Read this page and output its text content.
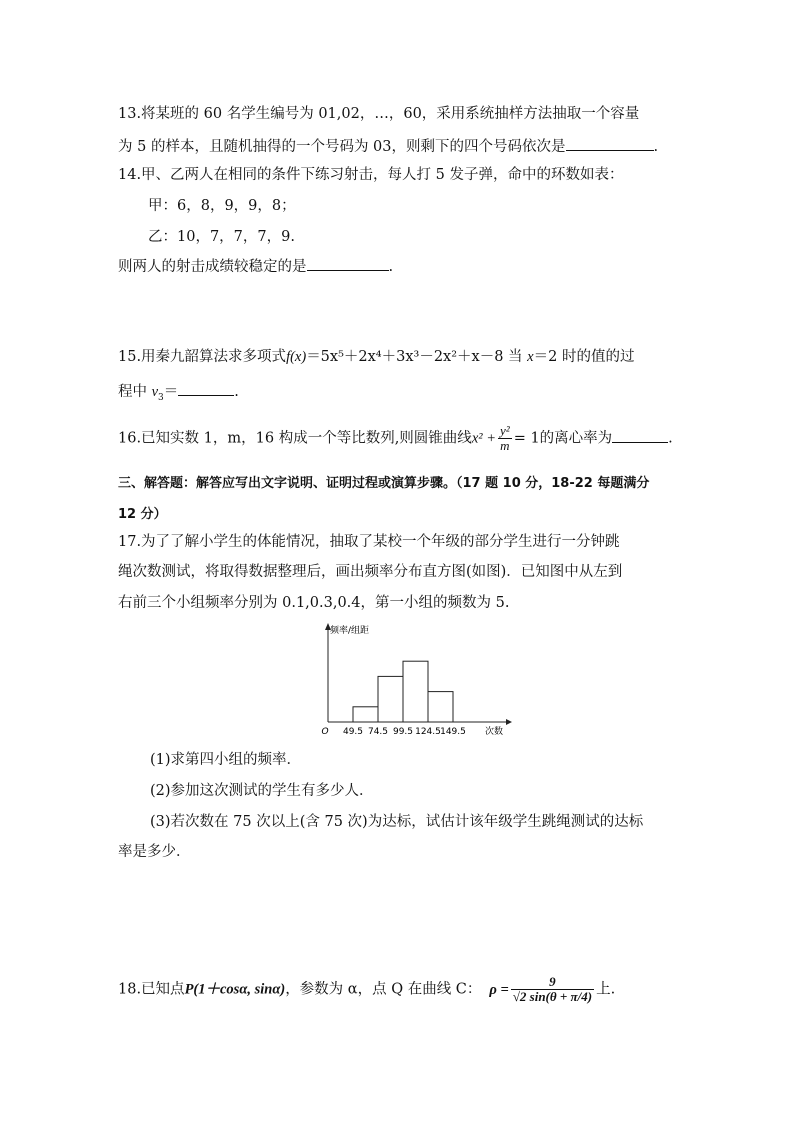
13.将某班的 60 名学生编号为 01,02，…，60，采用系统抽样方法抽取一个容量
为 5 的样本，且随机抽得的一个号码为 03，则剩下的四个号码依次是	.
14.甲、乙两人在相同的条件下练习射击，每人打 5 发子弹，命中的环数如表：
甲：6，8，9，9，8；
乙：10，7，7，7，9.
则两人的射击成绩较稳定的是	.
15.用秦九韶算法求多项式f(x)＝5x⁵＋2x⁴＋3x³－2x²＋x－8 当 x＝2 时的值的过
程中 $v_3=$	.
16.已知实数 1，m，16 构成一个等比数列,则圆锥曲线$x^2 + \frac{\text{y²}}{m} = 1$的离心率为	.
三、解答题：解答应写出文字说明、证明过程或演算步骤。（17 题 10 分，18-22 每题满分
12 分）
17.为了了解小学生的体能情况，抽取了某校一个年级的部分学生进行一分钟跳
绳次数测试，将取得数据整理后，画出频率分布直方图(如图)．已知图中从左到
右前三个小组频率分别为 0.1,0.3,0.4，第一小组的频数为 5.
49.5 74.5 99.5 124.5 149.5
O
频率/组距
次数
(1)求第四小组的频率．
(2)参加这次测试的学生有多少人．
(3)若次数在 75 次以上(含 75 次)为达标，试估计该年级学生跳绳测试的达标
率是多少．
18.已知点P(1＋cosα, sinα)，参数为 α，点 Q 在曲线 C： $\rho = \frac{9}{√2 \sin(\theta + \pi/4)}$ 上.
